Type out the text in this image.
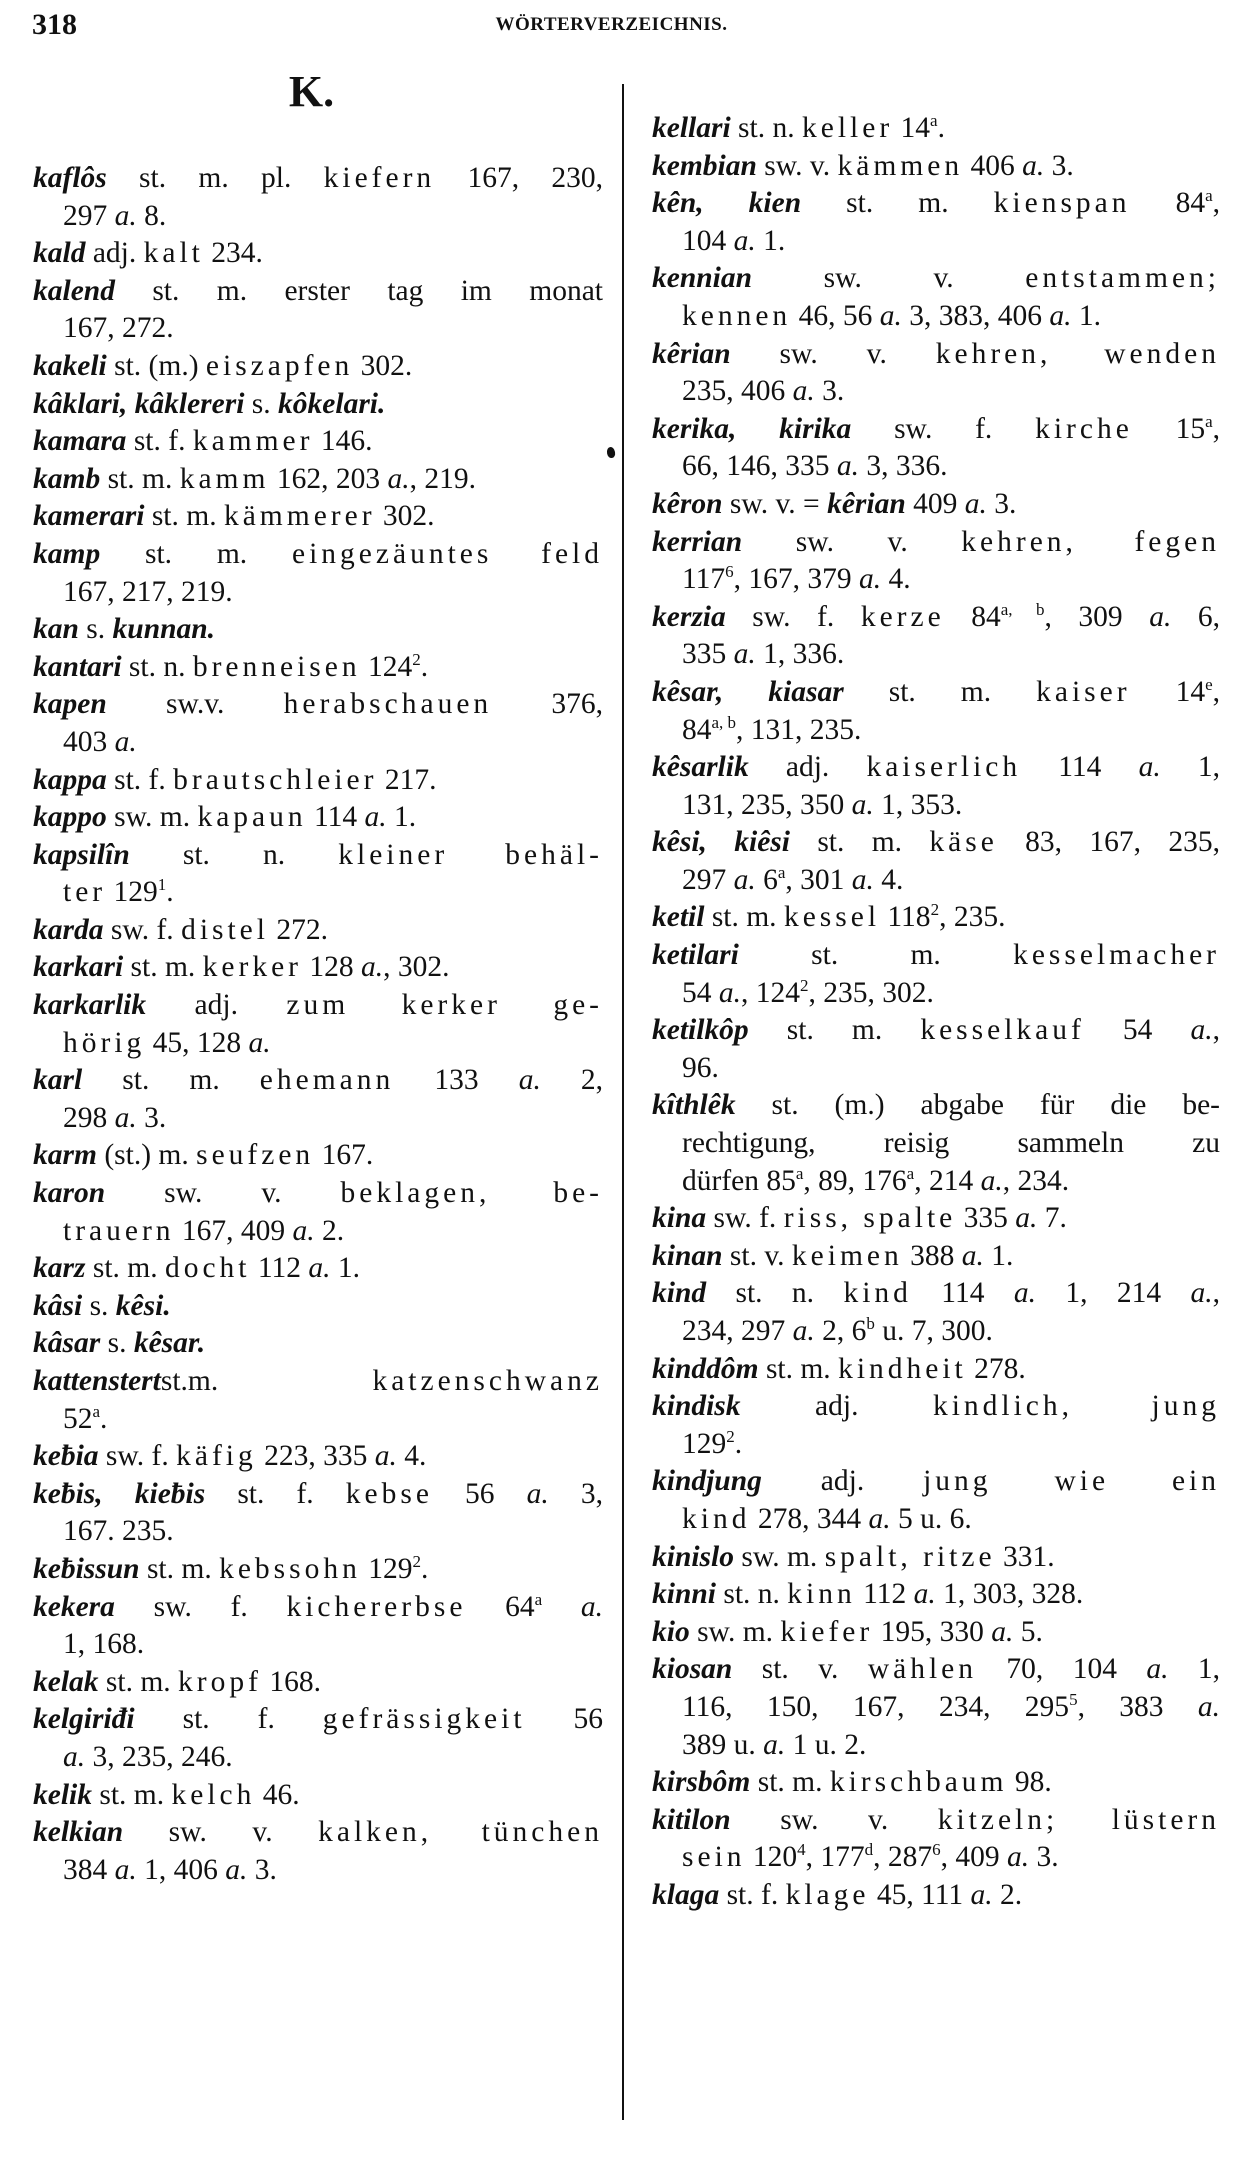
318	WÖRTERVERZEICHNIS.
K.
kaflôs st. m. pl. kiefern 167, 230,
297 a. 8.
kald adj. kalt 234.
kalend st. m. erster tag im monat
167, 272.
kakeli st. (m.) eiszapfen 302.
kâklari, kâklereri s. kôkelari.
kamara st. f. kammer 146.
kamb st. m. kamm 162, 203 a., 219.
kamerari st. m. kämmerer 302.
kamp st. m. eingezäuntes feld
167, 217, 219.
kan s. kunnan.
kantari st. n. brenneisen $124^2$.
kapen sw.v. herabschauen 376,
403 a.
kappa st. f. brautschleier 217.
kappo sw. m. kapaun 114 a. 1.
kapsilîn st. n. kleiner behäl-
ter $129^1$.
karda sw. f. distel 272.
karkari st. m. kerker 128 a., 302.
karkarlik adj. zum kerker ge-
hörig 45, 128 a.
karl st. m. ehemann 133 a. 2,
298 a. 3.
karm (st.) m. seufzen 167.
karon sw. v. beklagen, be-
trauern 167, 409 a. 2.
karz st. m. docht 112 a. 1.
kâsi s. kêsi.
kâsar s. kêsar.
kattenstertst.m. katzenschwanz
52$^a$.
keƀia sw. f. käfig 223, 335 a. 4.
keƀis, kieƀis st. f. kebse 56 a. 3,
167. 235.
keƀissun st. m. kebssohn $129^2$.
kekera sw. f. kichererbse 64$^a$ a.
1, 168.
kelak st. m. kropf 168.
kelgiriđi st. f. gefrässigkeit 56
a. 3, 235, 246.
kelik st. m. kelch 46.
kelkian sw. v. kalken, tünchen
384 a. 1, 406 a. 3.
kellari st. n. keller 14$^a$.
kembian sw. v. kämmen 406 a. 3.
kên, kien st. m. kienspan 84$^a$,
104 a. 1.
kennian sw. v. entstammen;
kennen 46, 56 a. 3, 383, 406 a. 1.
kêrian sw. v. kehren, wenden
235, 406 a. 3.
kerika, kirika sw. f. kirche 15$^a$,
66, 146, 335 a. 3, 336.
kêron sw. v. = kêrian 409 a. 3.
kerrian sw. v. kehren, fegen
$117^6$, 167, 379 a. 4.
kerzia sw. f. kerze 84$^{a, b}$, 309 a. 6,
335 a. 1, 336.
kêsar, kiasar st. m. kaiser 14e,
84$^{a, b}$, 131, 235.
kêsarlik adj. kaiserlich 114 a. 1,
131, 235, 350 a. 1, 353.
kêsi, kiêsi st. m. käse 83, 167, 235,
297 a. 6$^a$, 301 a. 4.
ketil st. m. kessel $118^2$, 235.
ketilari st. m. kesselmacher
54 a., $124^2$, 235, 302.
ketilkôp st. m. kesselkauf 54 a.,
96.
kîthlêk st. (m.) abgabe für die be-
rechtigung, reisig sammeln zu
dürfen 85$^a$, 89, 176$^a$, 214 a., 234.
kina sw. f. riss, spalte 335 a. 7.
kinan st. v. keimen 388 a. 1.
kind st. n. kind 114 a. 1, 214 a.,
234, 297 a. 2, 6$^b$ u. 7, 300.
kinddôm st. m. kindheit 278.
kindisk adj. kindlich, jung
$129^2$.
kindjung adj. jung wie ein
kind 278, 344 a. 5 u. 6.
kinislo sw. m. spalt, ritze 331.
kinni st. n. kinn 112 a. 1, 303, 328.
kio sw. m. kiefer 195, 330 a. 5.
kiosan st. v. wählen 70, 104 a. 1,
116, 150, 167, 234, $295^5$, 383 a.
389 u. a. 1 u. 2.
kirsbôm st. m. kirschbaum 98.
kitilon sw. v. kitzeln; lüstern
sein $120^4$, 177$^d$, $287^6$, 409 a. 3.
klaga st. f. klage 45, 111 a. 2.
